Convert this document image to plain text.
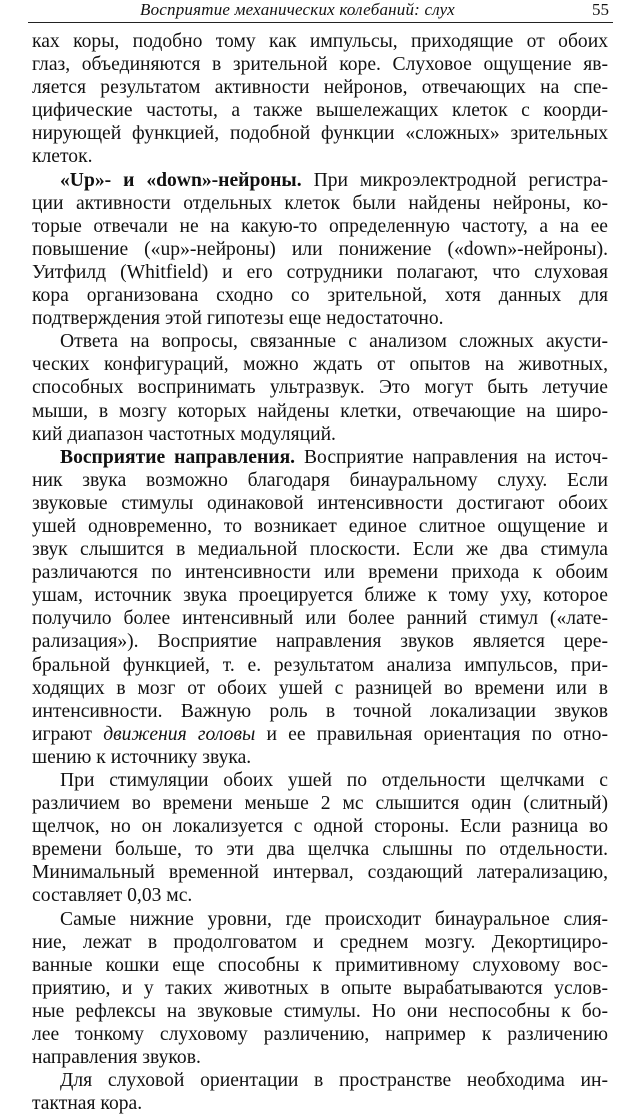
Восприятие механических колебаний: слух	55
ках коры, подобно тому как импульсы, приходящие от обоих
глаз, объединяются в зрительной коре. Слуховое ощущение яв-
ляется результатом активности нейронов, отвечающих на спе-
цифические частоты, а также вышележащих клеток с коорди-
нирующей функцией, подобной функции «сложных» зрительных
клеток.
«Up»- и «down»-нейроны. При микроэлектродной регистра-
ции активности отдельных клеток были найдены нейроны, ко-
торые отвечали не на какую-то определенную частоту, а на ее
повышение («up»-нейроны) или понижение («down»-нейроны).
Уитфилд (Whitfield) и его сотрудники полагают, что слуховая
кора организована сходно со зрительной, хотя данных для
подтверждения этой гипотезы еще недостаточно.
Ответа на вопросы, связанные с анализом сложных акусти-
ческих конфигураций, можно ждать от опытов на животных,
способных воспринимать ультразвук. Это могут быть летучие
мыши, в мозгу которых найдены клетки, отвечающие на широ-
кий диапазон частотных модуляций.
Восприятие направления. Восприятие направления на источ-
ник звука возможно благодаря бинауральному слуху. Если
звуковые стимулы одинаковой интенсивности достигают обоих
ушей одновременно, то возникает единое слитное ощущение и
звук слышится в медиальной плоскости. Если же два стимула
различаются по интенсивности или времени прихода к обоим
ушам, источник звука проецируется ближе к тому уху, которое
получило более интенсивный или более ранний стимул («лате-
рализация»). Восприятие направления звуков является цере-
бральной функцией, т. е. результатом анализа импульсов, при-
ходящих в мозг от обоих ушей с разницей во времени или в
интенсивности. Важную роль в точной локализации звуков
играют движения головы и ее правильная ориентация по отно-
шению к источнику звука.
При стимуляции обоих ушей по отдельности щелчками с
различием во времени меньше 2 мс слышится один (слитный)
щелчок, но он локализуется с одной стороны. Если разница во
времени больше, то эти два щелчка слышны по отдельности.
Минимальный временной интервал, создающий латерализацию,
составляет 0,03 мс.
Самые нижние уровни, где происходит бинауральное слия-
ние, лежат в продолговатом и среднем мозгу. Декортициро-
ванные кошки еще способны к примитивному слуховому вос-
приятию, и у таких животных в опыте вырабатываются услов-
ные рефлексы на звуковые стимулы. Но они неспособны к бо-
лее тонкому слуховому различению, например к различению
направления звуков.
Для слуховой ориентации в пространстве необходима ин-
тактная кора.
